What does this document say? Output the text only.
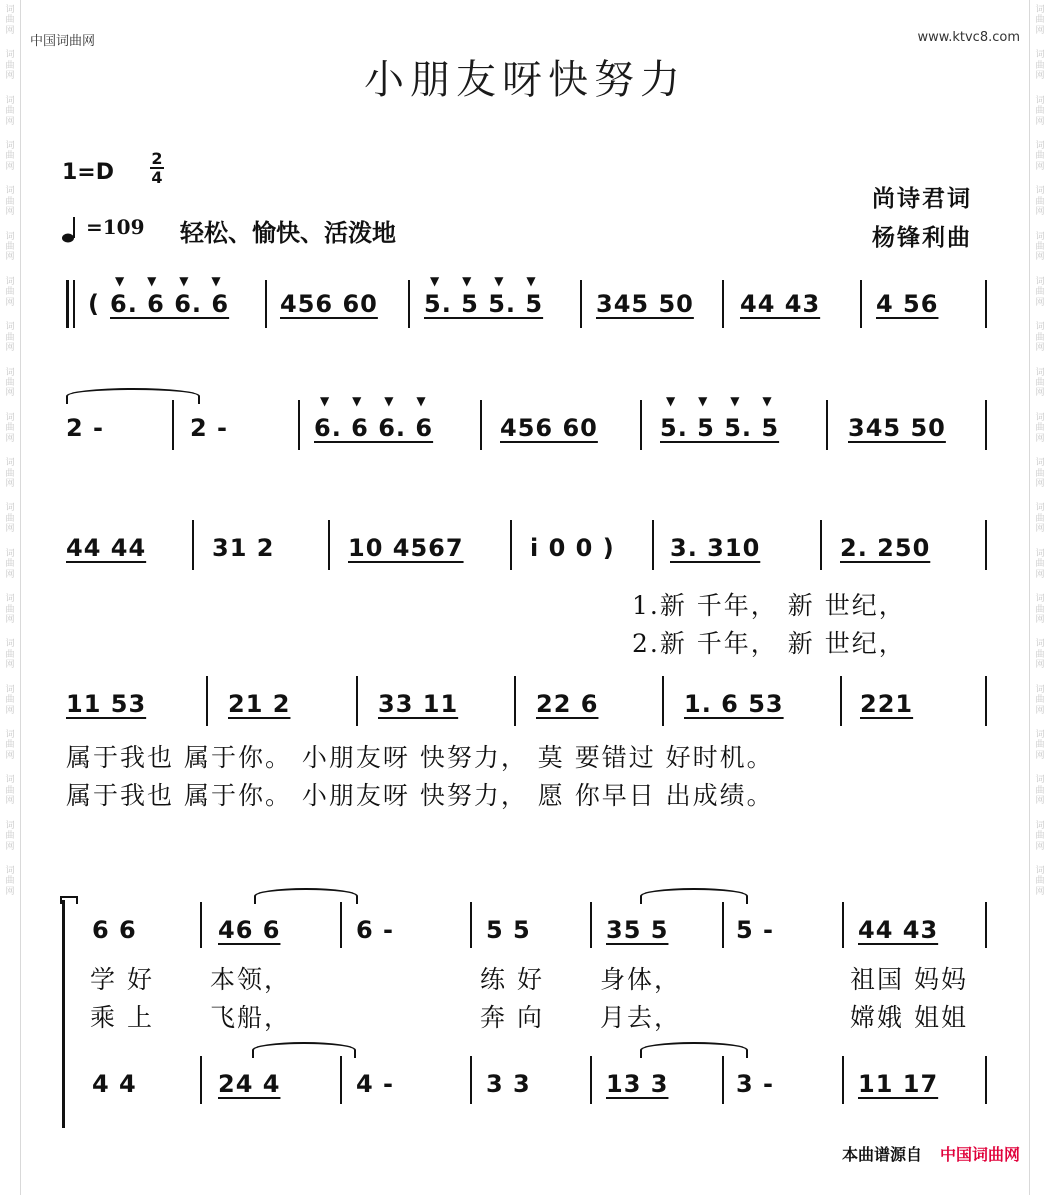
词
曲
网
词
曲
网
词
曲
网
词
曲
网
词
曲
网
词
曲
网
词
曲
网
词
曲
网
词
曲
网
词
曲
网
词
曲
网
词
曲
网
词
曲
网
词
曲
网
词
曲
网
词
曲
网
词
曲
网
词
曲
网
词
曲
网
词
曲
网
词
曲
网
词
曲
网
词
曲
网
词
曲
网
词
曲
网
词
曲
网
词
曲
网
词
曲
网
词
曲
网
词
曲
网
词
曲
网
词
曲
网
词
曲
网
词
曲
网
词
曲
网
词
曲
网
词
曲
网
词
曲
网
词
曲
网
词
曲
网
中国词曲网	www.ktvc8.com
小朋友呀快努力
1=D
2
4
=109 轻松、愉快、活泼地
尚诗君词
杨锋利曲
( 6. 6 6. 6 456 60 5. 5 5. 5 345 50 44 43 4 56
▼      ▼      ▼      ▼	▼      ▼      ▼      ▼
2 -	2 -	6. 6 6. 6	456 60	5. 5 5. 5	345 50
▼      ▼      ▼      ▼	▼      ▼      ▼      ▼
44 44	31 2	10 4567	i 0 0 ) 3. 310	2. 250
1.新 千年， 新 世纪，
2.新 千年， 新 世纪，
11 53	21 2	33 11	22 6	1. 6 53	221
属于我也 属于你。 小朋友呀 快努力， 莫 要错过 好时机。
属于我也 属于你。 小朋友呀 快努力， 愿 你早日 出成绩。
6 6	46 6	6 -	5 5	35 5	5 -	44 43
学 好 本领，	练 好 身体，	祖国 妈妈
乘 上 飞船，	奔 向 月去，	嫦娥 姐姐
4 4	24 4	4 -	3 3	13 3	3 -	11 17
本曲谱源自 中国词曲网
